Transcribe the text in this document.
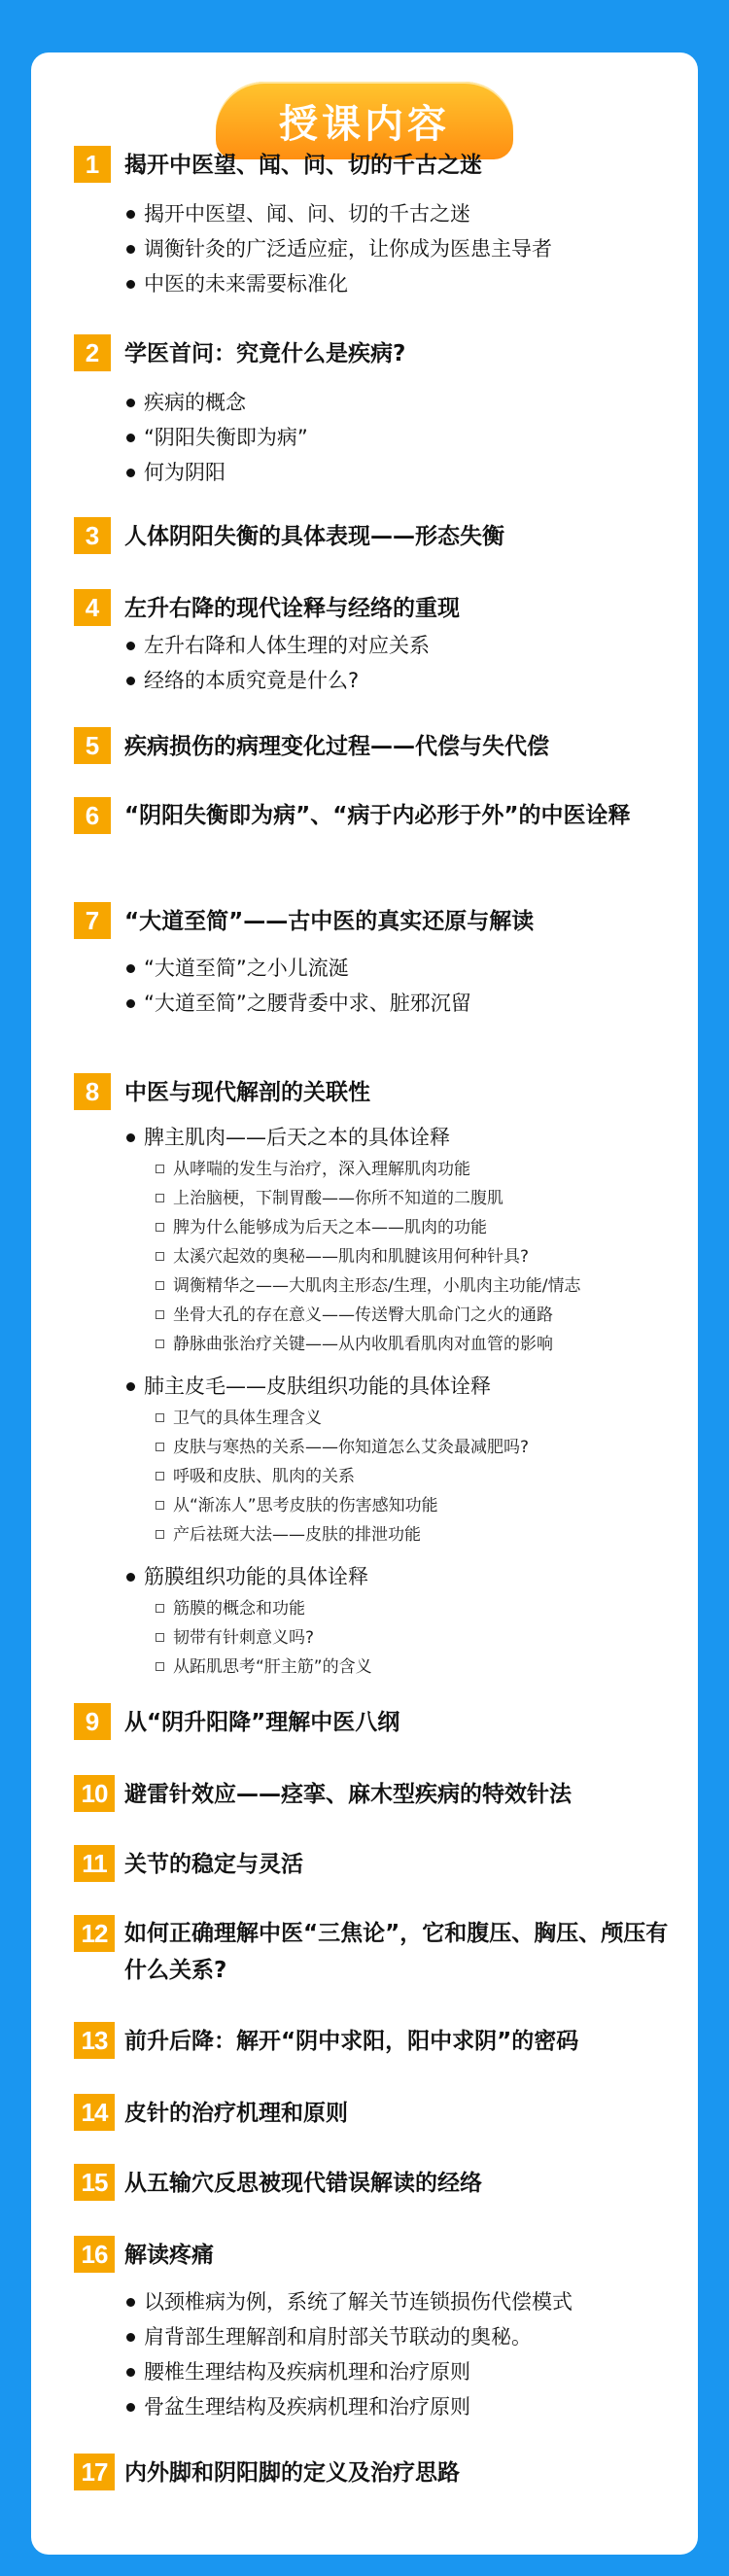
授课内容
1	揭开中医望、闻、问、切的千古之迷
揭开中医望、闻、问、切的千古之迷
调衡针灸的广泛适应症，让你成为医患主导者
中医的未来需要标准化
2	学医首问：究竟什么是疾病?
疾病的概念
“阴阳失衡即为病”
何为阴阳
3	人体阴阳失衡的具体表现——形态失衡
4	左升右降的现代诠释与经络的重现
左升右降和人体生理的对应关系
经络的本质究竟是什么?
5	疾病损伤的病理变化过程——代偿与失代偿
6	“阴阳失衡即为病”、“病于内必形于外”的中医诠释
7	“大道至简”——古中医的真实还原与解读
“大道至简”之小儿流涎
“大道至简”之腰背委中求、脏邪沉留
8	中医与现代解剖的关联性
脾主肌肉——后天之本的具体诠释
从哮喘的发生与治疗，深入理解肌肉功能
上治脑梗，下制胃酸——你所不知道的二腹肌
脾为什么能够成为后天之本——肌肉的功能
太溪穴起效的奥秘——肌肉和肌腱该用何种针具?
调衡精华之——大肌肉主形态/生理，小肌肉主功能/情志
坐骨大孔的存在意义——传送臀大肌命门之火的通路
静脉曲张治疗关键——从内收肌看肌肉对血管的影响
肺主皮毛——皮肤组织功能的具体诠释
卫气的具体生理含义
皮肤与寒热的关系——你知道怎么艾灸最减肥吗?
呼吸和皮肤、肌肉的关系
从“渐冻人”思考皮肤的伤害感知功能
产后祛斑大法——皮肤的排泄功能
筋膜组织功能的具体诠释
筋膜的概念和功能
韧带有针刺意义吗?
从跖肌思考“肝主筋”的含义
9	从“阴升阳降”理解中医八纲
10 避雷针效应——痉挛、麻木型疾病的特效针法
11 关节的稳定与灵活
12 如何正确理解中医“三焦论”，它和腹压、胸压、颅压有什么关系?
13 前升后降：解开“阴中求阳，阳中求阴”的密码
14 皮针的治疗机理和原则
15 从五输穴反思被现代错误解读的经络
16 解读疼痛
以颈椎病为例，系统了解关节连锁损伤代偿模式
肩背部生理解剖和肩肘部关节联动的奥秘。
腰椎生理结构及疾病机理和治疗原则
骨盆生理结构及疾病机理和治疗原则
17 内外脚和阴阳脚的定义及治疗思路
